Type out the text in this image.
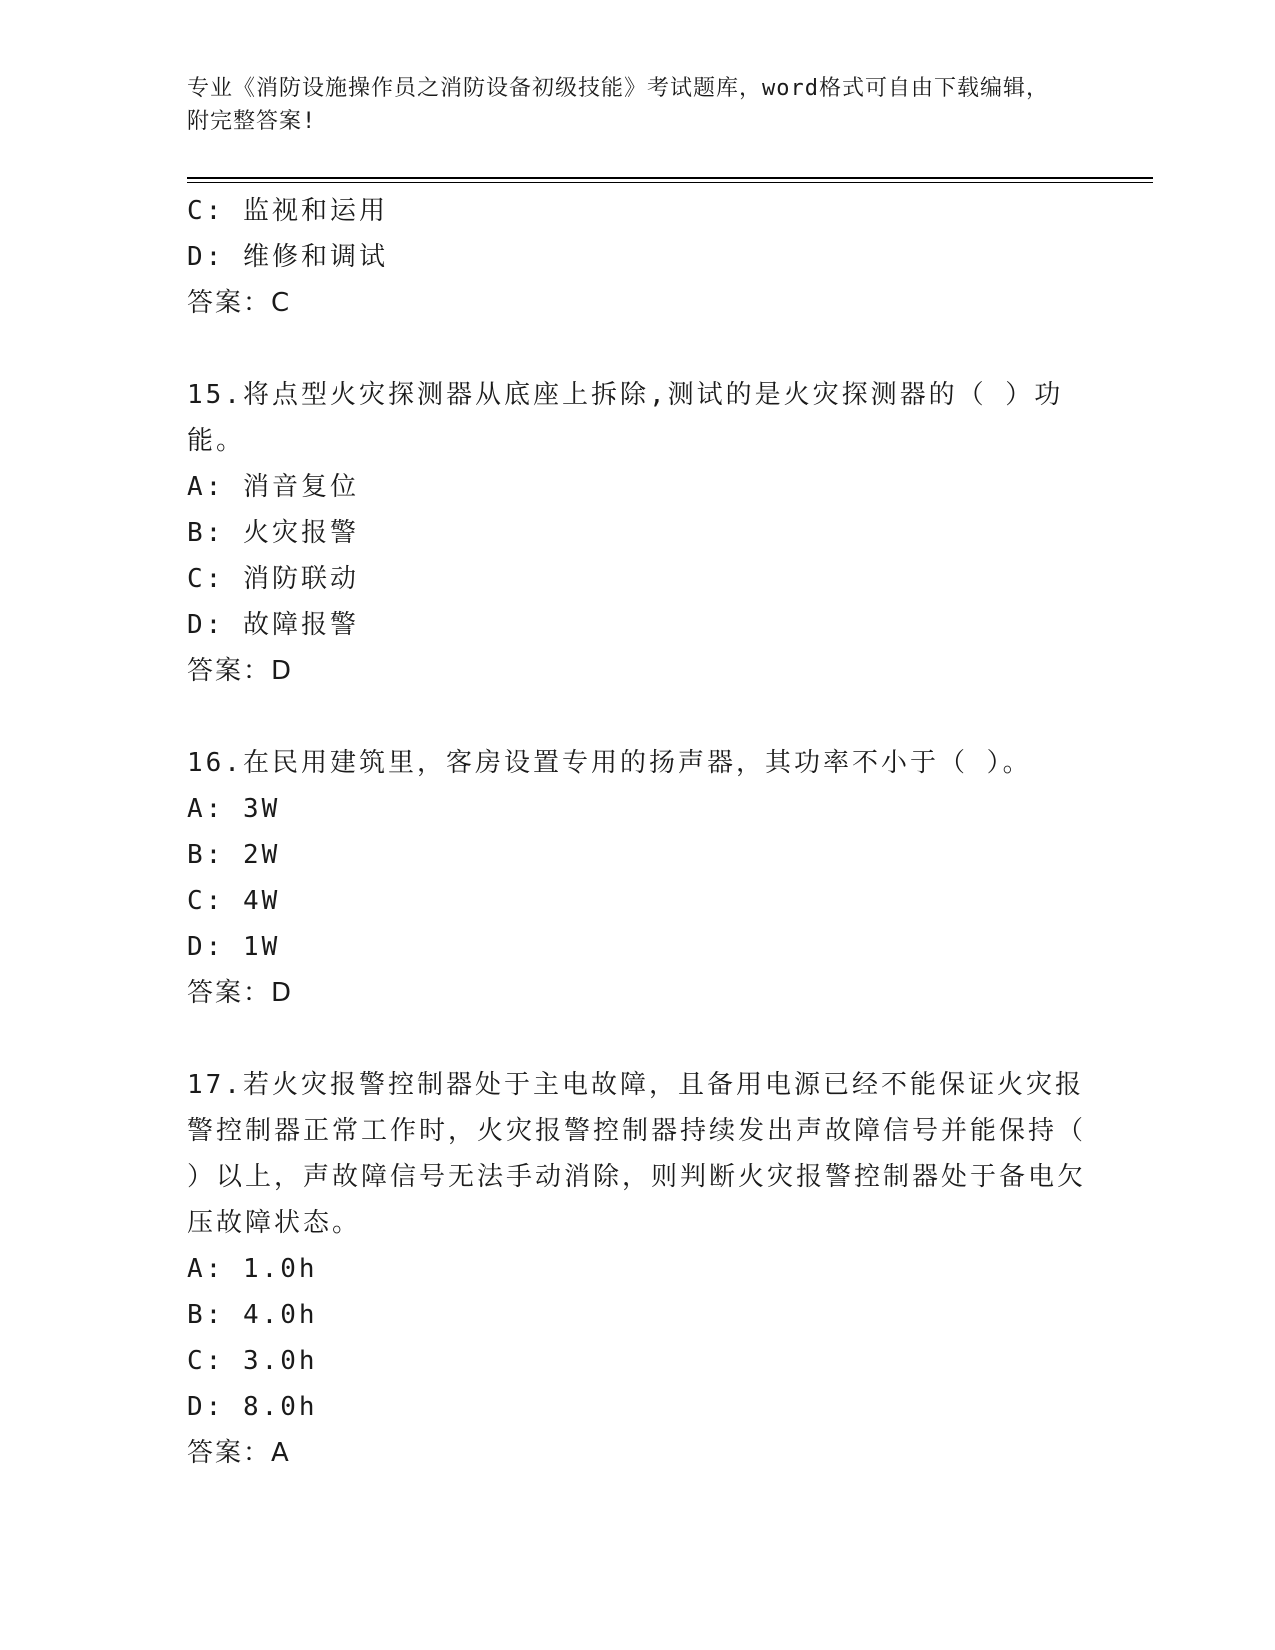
专业《消防设施操作员之消防设备初级技能》考试题库，word格式可自由下载编辑，附完整答案!
C: 监视和运用
D: 维修和调试
答案：C
15.将点型火灾探测器从底座上拆除,测试的是火灾探测器的（ ）功能。
A: 消音复位
B: 火灾报警
C: 消防联动
D: 故障报警
答案：D
16.在民用建筑里，客房设置专用的扬声器，其功率不小于（ ）。
A: 3W
B: 2W
C: 4W
D: 1W
答案：D
17.若火灾报警控制器处于主电故障，且备用电源已经不能保证火灾报警控制器正常工作时，火灾报警控制器持续发出声故障信号并能保持（ ）以上，声故障信号无法手动消除，则判断火灾报警控制器处于备电欠压故障状态。
A: 1.0h
B: 4.0h
C: 3.0h
D: 8.0h
答案：A
